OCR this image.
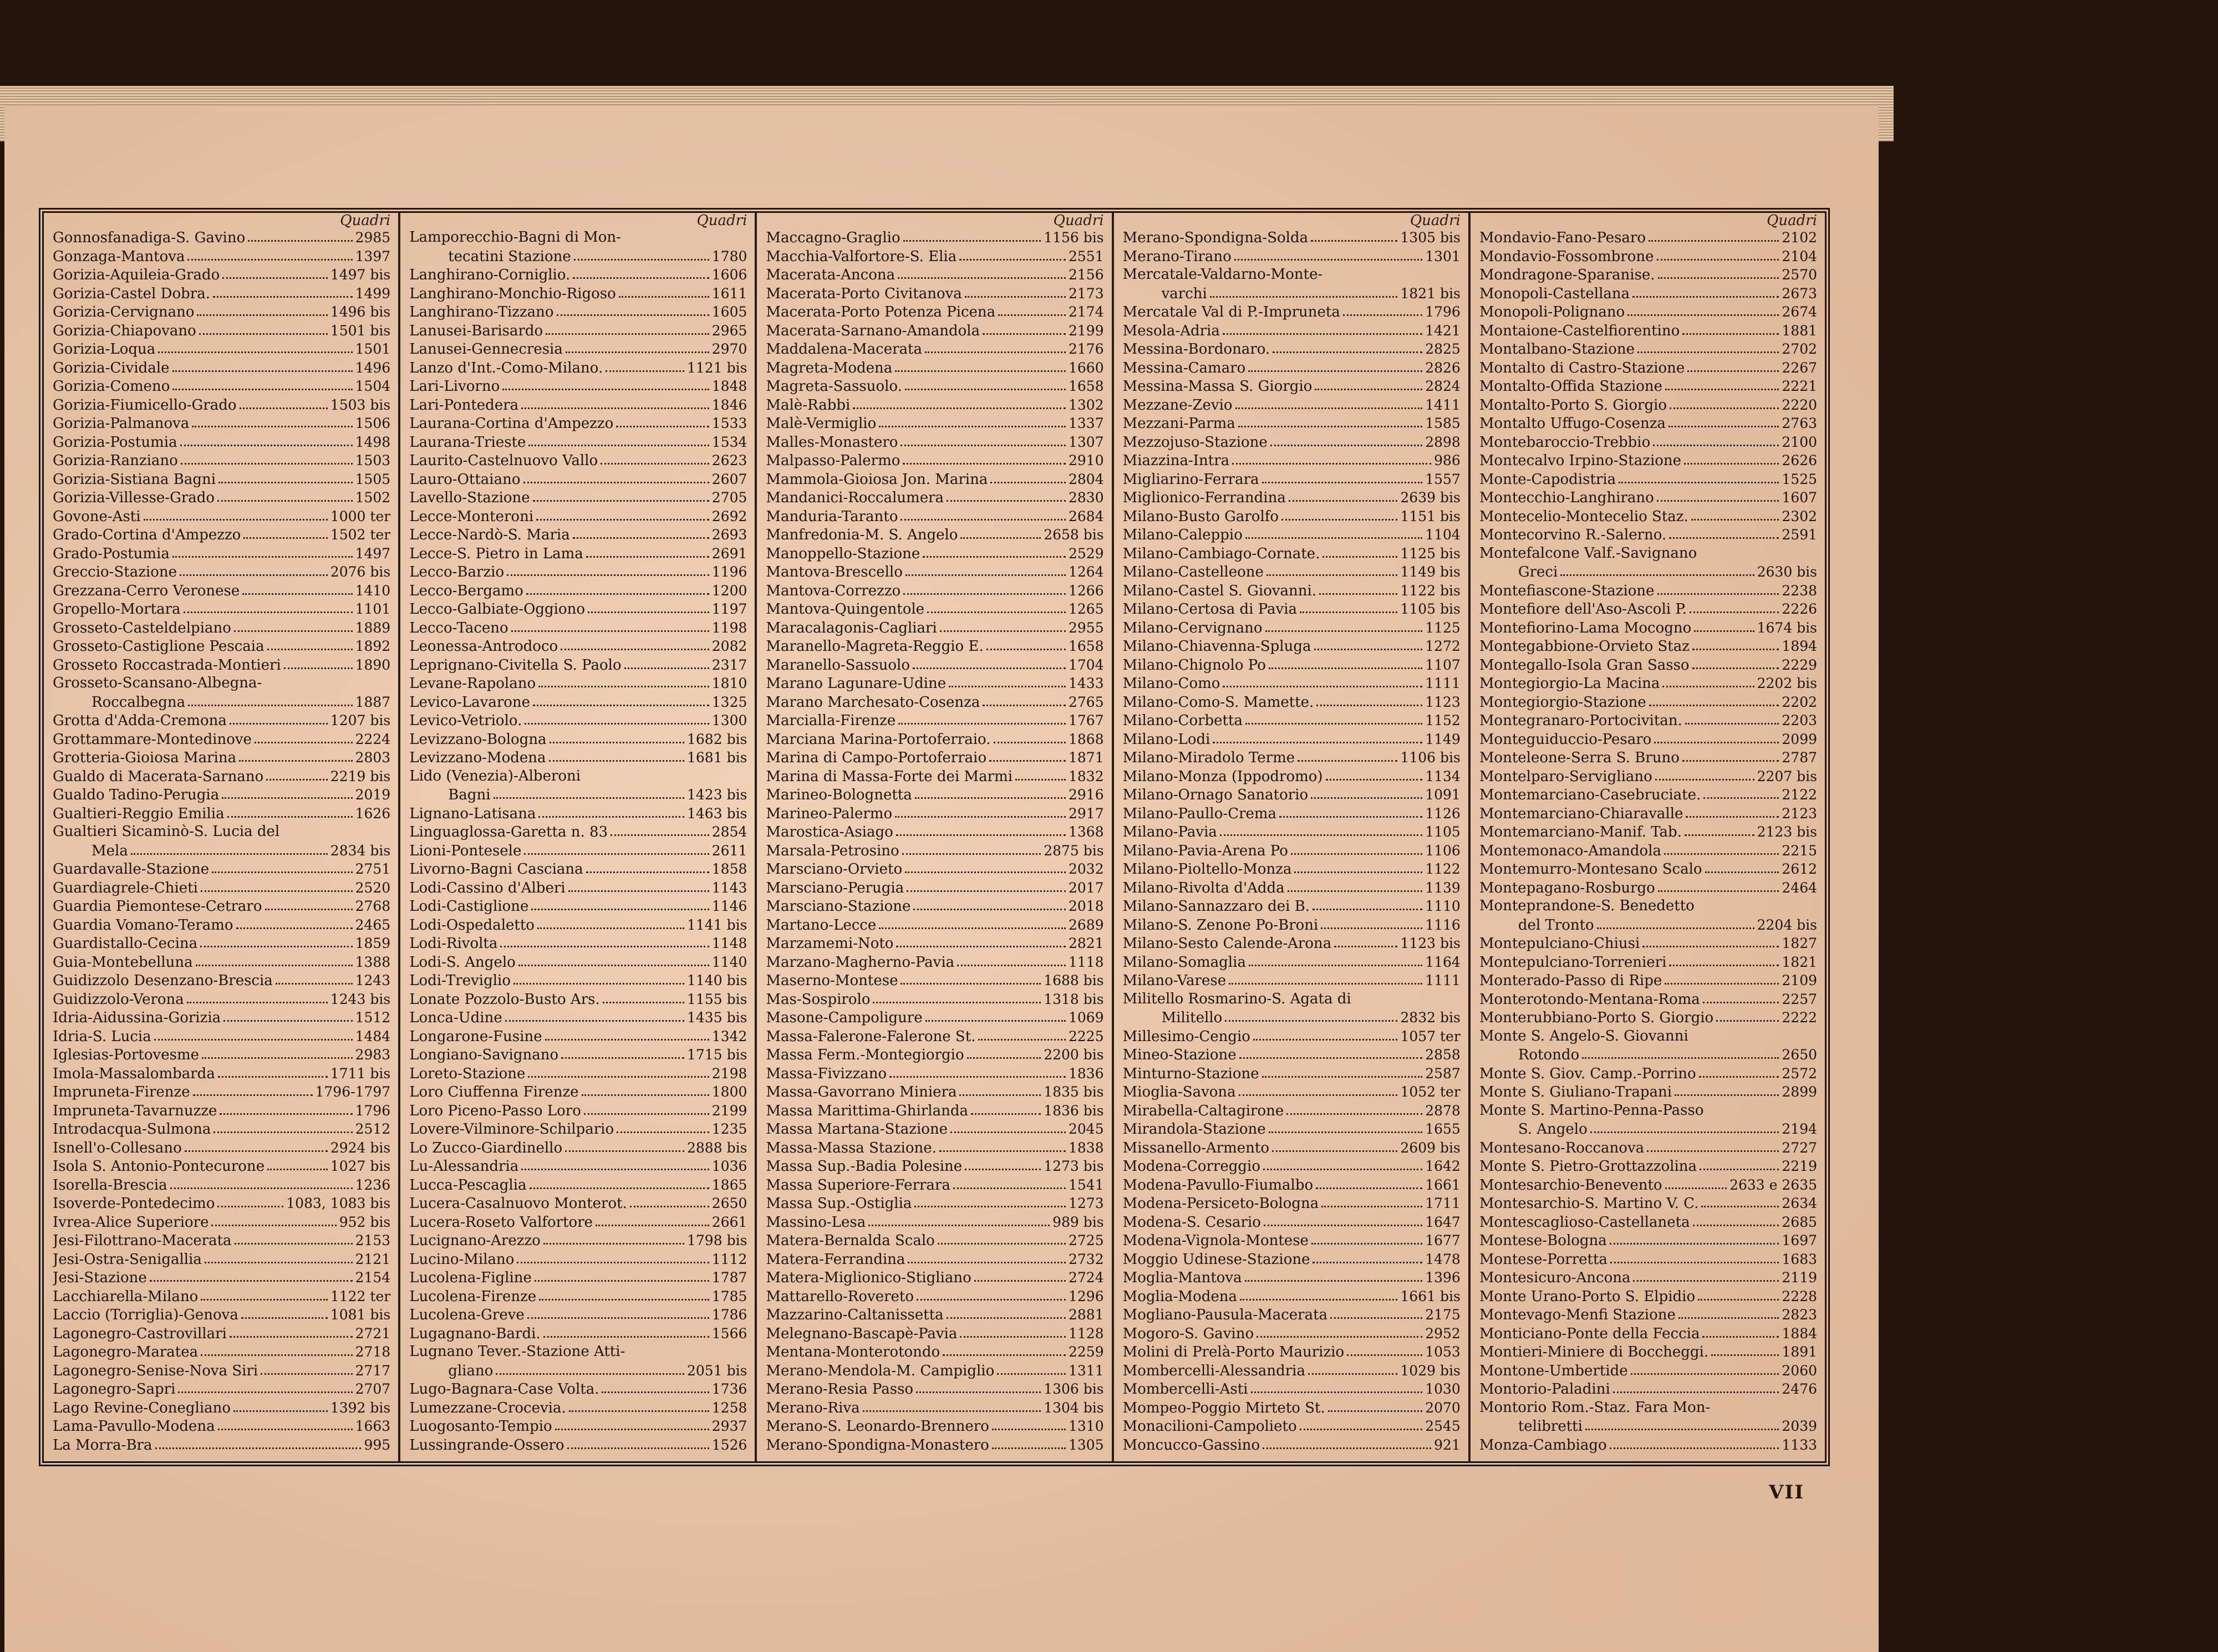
Quadri
Gonnosfanadiga-S. Gavino	2985
Gonzaga-Mantova	1397
Gorizia-Aquileia-Grado	1497 bis
Gorizia-Castel Dobra.	1499
Gorizia-Cervignano	1496 bis
Gorizia-Chiapovano	1501 bis
Gorizia-Loqua	1501
Gorizia-Cividale	1496
Gorizia-Comeno	1504
Gorizia-Fiumicello-Grado	1503 bis
Gorizia-Palmanova	1506
Gorizia-Postumia	1498
Gorizia-Ranziano	1503
Gorizia-Sistiana Bagni	1505
Gorizia-Villesse-Grado	1502
Govone-Asti	1000 ter
Grado-Cortina d'Ampezzo	1502 ter
Grado-Postumia	1497
Greccio-Stazione	2076 bis
Grezzana-Cerro Veronese	1410
Gropello-Mortara	1101
Grosseto-Casteldelpiano	1889
Grosseto-Castiglione Pescaia	1892
Grosseto Roccastrada-Montieri	1890
Grosseto-Scansano-Albegna-
Roccalbegna	1887
Grotta d'Adda-Cremona	1207 bis
Grottammare-Montedinove	2224
Grotteria-Gioiosa Marina	2803
Gualdo di Macerata-Sarnano	2219 bis
Gualdo Tadino-Perugia	2019
Gualtieri-Reggio Emilia	1626
Gualtieri Sicaminò-S. Lucia del
Mela	2834 bis
Guardavalle-Stazione	2751
Guardiagrele-Chieti	2520
Guardia Piemontese-Cetraro	2768
Guardia Vomano-Teramo	2465
Guardistallo-Cecina	1859
Guia-Montebelluna	1388
Guidizzolo Desenzano-Brescia	1243
Guidizzolo-Verona	1243 bis
Idria-Aidussina-Gorizia	1512
Idria-S. Lucia	1484
Iglesias-Portovesme	2983
Imola-Massalombarda	1711 bis
Impruneta-Firenze	1796-1797
Impruneta-Tavarnuzze	1796
Introdacqua-Sulmona	2512
Isnell'o-Collesano	2924 bis
Isola S. Antonio-Pontecurone	1027 bis
Isorella-Brescia	1236
Isoverde-Pontedecimo	1083, 1083 bis
Ivrea-Alice Superiore	952 bis
Jesi-Filottrano-Macerata	2153
Jesi-Ostra-Senigallia	2121
Jesi-Stazione	2154
Lacchiarella-Milano	1122 ter
Laccio (Torriglia)-Genova	1081 bis
Lagonegro-Castrovillari	2721
Lagonegro-Maratea	2718
Lagonegro-Senise-Nova Siri	2717
Lagonegro-Sapri	2707
Lago Revine-Conegliano	1392 bis
Lama-Pavullo-Modena	1663
La Morra-Bra	995
Quadri
Lamporecchio-Bagni di Mon-
tecatini Stazione	1780
Langhirano-Corniglio.	1606
Langhirano-Monchio-Rigoso	1611
Langhirano-Tizzano	1605
Lanusei-Barisardo	2965
Lanusei-Gennecresia	2970
Lanzo d'Int.-Como-Milano.	1121 bis
Lari-Livorno	1848
Lari-Pontedera	1846
Laurana-Cortina d'Ampezzo	1533
Laurana-Trieste	1534
Laurito-Castelnuovo Vallo	2623
Lauro-Ottaiano	2607
Lavello-Stazione	2705
Lecce-Monteroni	2692
Lecce-Nardò-S. Maria	2693
Lecce-S. Pietro in Lama	2691
Lecco-Barzio	1196
Lecco-Bergamo	1200
Lecco-Galbiate-Oggiono	1197
Lecco-Taceno	1198
Leonessa-Antrodoco	2082
Leprignano-Civitella S. Paolo	2317
Levane-Rapolano	1810
Levico-Lavarone	1325
Levico-Vetriolo.	1300
Levizzano-Bologna	1682 bis
Levizzano-Modena	1681 bis
Lido (Venezia)-Alberoni
Bagni	1423 bis
Lignano-Latisana	1463 bis
Linguaglossa-Garetta n. 83	2854
Lioni-Pontesele	2611
Livorno-Bagni Casciana	1858
Lodi-Cassino d'Alberi	1143
Lodi-Castiglione	1146
Lodi-Ospedaletto	1141 bis
Lodi-Rivolta	1148
Lodi-S. Angelo	1140
Lodi-Treviglio	1140 bis
Lonate Pozzolo-Busto Ars.	1155 bis
Lonca-Udine	1435 bis
Longarone-Fusine	1342
Longiano-Savignano	1715 bis
Loreto-Stazione	2198
Loro Ciuffenna Firenze	1800
Loro Piceno-Passo Loro	2199
Lovere-Vilminore-Schilpario	1235
Lo Zucco-Giardinello	2888 bis
Lu-Alessandria	1036
Lucca-Pescaglia	1865
Lucera-Casalnuovo Monterot.	2650
Lucera-Roseto Valfortore	2661
Lucignano-Arezzo	1798 bis
Lucino-Milano	1112
Lucolena-Figline	1787
Lucolena-Firenze	1785
Lucolena-Greve	1786
Lugagnano-Bardi.	1566
Lugnano Tever.-Stazione Atti-
gliano	2051 bis
Lugo-Bagnara-Case Volta.	1736
Lumezzane-Crocevia.	1258
Luogosanto-Tempio	2937
Lussingrande-Ossero	1526
Quadri
Maccagno-Graglio	1156 bis
Macchia-Valfortore-S. Elia	2551
Macerata-Ancona	2156
Macerata-Porto Civitanova	2173
Macerata-Porto Potenza Picena	2174
Macerata-Sarnano-Amandola	2199
Maddalena-Macerata	2176
Magreta-Modena	1660
Magreta-Sassuolo.	1658
Malè-Rabbi	1302
Malè-Vermiglio	1337
Malles-Monastero	1307
Malpasso-Palermo	2910
Mammola-Gioiosa Jon. Marina	2804
Mandanici-Roccalumera	2830
Manduria-Taranto	2684
Manfredonia-M. S. Angelo	2658 bis
Manoppello-Stazione	2529
Mantova-Brescello	1264
Mantova-Correzzo	1266
Mantova-Quingentole	1265
Maracalagonis-Cagliari	2955
Maranello-Magreta-Reggio E.	1658
Maranello-Sassuolo	1704
Marano Lagunare-Udine	1433
Marano Marchesato-Cosenza	2765
Marcialla-Firenze	1767
Marciana Marina-Portoferraio.	1868
Marina di Campo-Portoferraio	1871
Marina di Massa-Forte dei Marmi	1832
Marineo-Bolognetta	2916
Marineo-Palermo	2917
Marostica-Asiago	1368
Marsala-Petrosino	2875 bis
Marsciano-Orvieto	2032
Marsciano-Perugia	2017
Marsciano-Stazione	2018
Martano-Lecce	2689
Marzamemi-Noto	2821
Marzano-Magherno-Pavia	1118
Maserno-Montese	1688 bis
Mas-Sospirolo	1318 bis
Masone-Campoligure	1069
Massa-Falerone-Falerone St.	2225
Massa Ferm.-Montegiorgio	2200 bis
Massa-Fivizzano	1836
Massa-Gavorrano Miniera	1835 bis
Massa Marittima-Ghirlanda	1836 bis
Massa Martana-Stazione	2045
Massa-Massa Stazione.	1838
Massa Sup.-Badia Polesine	1273 bis
Massa Superiore-Ferrara	1541
Massa Sup.-Ostiglia	1273
Massino-Lesa	989 bis
Matera-Bernalda Scalo	2725
Matera-Ferrandina	2732
Matera-Miglionico-Stigliano	2724
Mattarello-Rovereto	1296
Mazzarino-Caltanissetta	2881
Melegnano-Bascapè-Pavia	1128
Mentana-Monterotondo	2259
Merano-Mendola-M. Campiglio	1311
Merano-Resia Passo	1306 bis
Merano-Riva	1304 bis
Merano-S. Leonardo-Brennero	1310
Merano-Spondigna-Monastero	1305
Quadri
Merano-Spondigna-Solda	1305 bis
Merano-Tirano	1301
Mercatale-Valdarno-Monte-
varchi	1821 bis
Mercatale Val di P.-Impruneta	1796
Mesola-Adria	1421
Messina-Bordonaro.	2825
Messina-Camaro	2826
Messina-Massa S. Giorgio	2824
Mezzane-Zevio	1411
Mezzani-Parma	1585
Mezzojuso-Stazione	2898
Miazzina-Intra	986
Migliarino-Ferrara	1557
Miglionico-Ferrandina	2639 bis
Milano-Busto Garolfo	1151 bis
Milano-Caleppio	1104
Milano-Cambiago-Cornate.	1125 bis
Milano-Castelleone	1149 bis
Milano-Castel S. Giovanni.	1122 bis
Milano-Certosa di Pavia	1105 bis
Milano-Cervignano	1125
Milano-Chiavenna-Spluga	1272
Milano-Chignolo Po	1107
Milano-Como	1111
Milano-Como-S. Mamette.	1123
Milano-Corbetta	1152
Milano-Lodi	1149
Milano-Miradolo Terme	1106 bis
Milano-Monza (Ippodromo)	1134
Milano-Ornago Sanatorio	1091
Milano-Paullo-Crema	1126
Milano-Pavia	1105
Milano-Pavia-Arena Po	1106
Milano-Pioltello-Monza	1122
Milano-Rivolta d'Adda	1139
Milano-Sannazzaro dei B.	1110
Milano-S. Zenone Po-Broni	1116
Milano-Sesto Calende-Arona	1123 bis
Milano-Somaglia	1164
Milano-Varese	1111
Militello Rosmarino-S. Agata di
Militello	2832 bis
Millesimo-Cengio	1057 ter
Mineo-Stazione	2858
Minturno-Stazione	2587
Mioglia-Savona	1052 ter
Mirabella-Caltagirone	2878
Mirandola-Stazione	1655
Missanello-Armento	2609 bis
Modena-Correggio	1642
Modena-Pavullo-Fiumalbo	1661
Modena-Persiceto-Bologna	1711
Modena-S. Cesario	1647
Modena-Vignola-Montese	1677
Moggio Udinese-Stazione	1478
Moglia-Mantova	1396
Moglia-Modena	1661 bis
Mogliano-Pausula-Macerata	2175
Mogoro-S. Gavino	2952
Molini di Prelà-Porto Maurizio	1053
Mombercelli-Alessandria	1029 bis
Mombercelli-Asti	1030
Mompeo-Poggio Mirteto St.	2070
Monacilioni-Campolieto	2545
Moncucco-Gassino	921
Quadri
Mondavio-Fano-Pesaro	2102
Mondavio-Fossombrone	2104
Mondragone-Sparanise.	2570
Monopoli-Castellana	2673
Monopoli-Polignano	2674
Montaione-Castelfiorentino	1881
Montalbano-Stazione	2702
Montalto di Castro-Stazione	2267
Montalto-Offida Stazione	2221
Montalto-Porto S. Giorgio	2220
Montalto Uffugo-Cosenza	2763
Montebaroccio-Trebbio	2100
Montecalvo Irpino-Stazione	2626
Monte-Capodistria	1525
Montecchio-Langhirano	1607
Montecelio-Montecelio Staz.	2302
Montecorvino R.-Salerno.	2591
Montefalcone Valf.-Savignano
Greci	2630 bis
Montefiascone-Stazione	2238
Montefiore dell'Aso-Ascoli P.	2226
Montefiorino-Lama Mocogno	1674 bis
Montegabbione-Orvieto Staz	1894
Montegallo-Isola Gran Sasso	2229
Montegiorgio-La Macina	2202 bis
Montegiorgio-Stazione	2202
Montegranaro-Portocivitan.	2203
Monteguiduccio-Pesaro	2099
Monteleone-Serra S. Bruno	2787
Montelparo-Servigliano	2207 bis
Montemarciano-Casebruciate.	2122
Montemarciano-Chiaravalle	2123
Montemarciano-Manif. Tab.	2123 bis
Montemonaco-Amandola	2215
Montemurro-Montesano Scalo	2612
Montepagano-Rosburgo	2464
Monteprandone-S. Benedetto
del Tronto	2204 bis
Montepulciano-Chiusi	1827
Montepulciano-Torrenieri	1821
Monterado-Passo di Ripe	2109
Monterotondo-Mentana-Roma	2257
Monterubbiano-Porto S. Giorgio	2222
Monte S. Angelo-S. Giovanni
Rotondo	2650
Monte S. Giov. Camp.-Porrino	2572
Monte S. Giuliano-Trapani	2899
Monte S. Martino-Penna-Passo
S. Angelo	2194
Montesano-Roccanova	2727
Monte S. Pietro-Grottazzolina	2219
Montesarchio-Benevento	2633 e 2635
Montesarchio-S. Martino V. C.	2634
Montescaglioso-Castellaneta	2685
Montese-Bologna	1697
Montese-Porretta	1683
Montesicuro-Ancona	2119
Monte Urano-Porto S. Elpidio	2228
Montevago-Menfi Stazione	2823
Monticiano-Ponte della Feccia	1884
Montieri-Miniere di Boccheggi.	1891
Montone-Umbertide	2060
Montorio-Paladini	2476
Montorio Rom.-Staz. Fara Mon-
telibretti	2039
Monza-Cambiago	1133
VII
